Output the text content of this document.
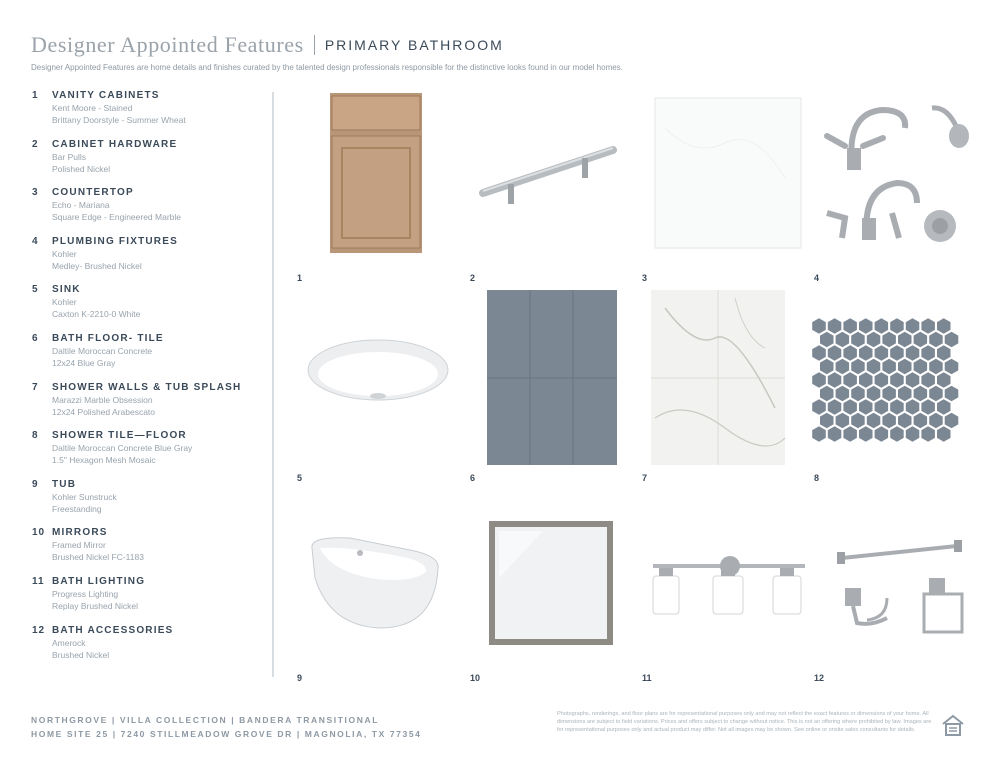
Designer Appointed Features PRIMARY BATHROOM
Designer Appointed Features are home details and finishes curated by the talented design professionals responsible for the distinctive looks found in our model homes.
1	VANITY CABINETS
Kent Moore - Stained
Brittany Doorstyle - Summer Wheat
2	CABINET HARDWARE
Bar Pulls
Polished Nickel
3	COUNTERTOP
Echo - Mariana
Square Edge - Engineered Marble
4	PLUMBING FIXTURES
Kohler
Medley- Brushed Nickel
5	SINK
Kohler
Caxton K-2210-0 White
6	BATH FLOOR- TILE
Daltile Moroccan Concrete
12x24 Blue Gray
7	SHOWER WALLS & TUB SPLASH
Marazzi Marble Obsession
12x24 Polished Arabescato
8	SHOWER TILE—FLOOR
Daltile Moroccan Concrete Blue Gray
1.5" Hexagon Mesh Mosaic
9	TUB
Kohler Sunstruck
Freestanding
10 MIRRORS
Framed Mirror
Brushed Nickel FC-1183
11 BATH LIGHTING
Progress Lighting
Replay Brushed Nickel
12 BATH ACCESSORIES
Amerock
Brushed Nickel
1	2	3	4
5	6	7	8
9	10	11	12
NORTHGROVE | VILLA COLLECTION | BANDERA TRANSITIONAL
HOME SITE 25 | 7240 STILLMEADOW GROVE DR | MAGNOLIA, TX 77354
Photographs, renderings, and floor plans are for representational purposes only and may not reflect the exact features or dimensions of your home. All dimensions are subject to field variations. Prices and offers subject to change without notice. This is not an offering where prohibited by law. Images are for representational purposes only and actual product may differ. Not all images may be shown. See online or onsite sales consultants for details.
